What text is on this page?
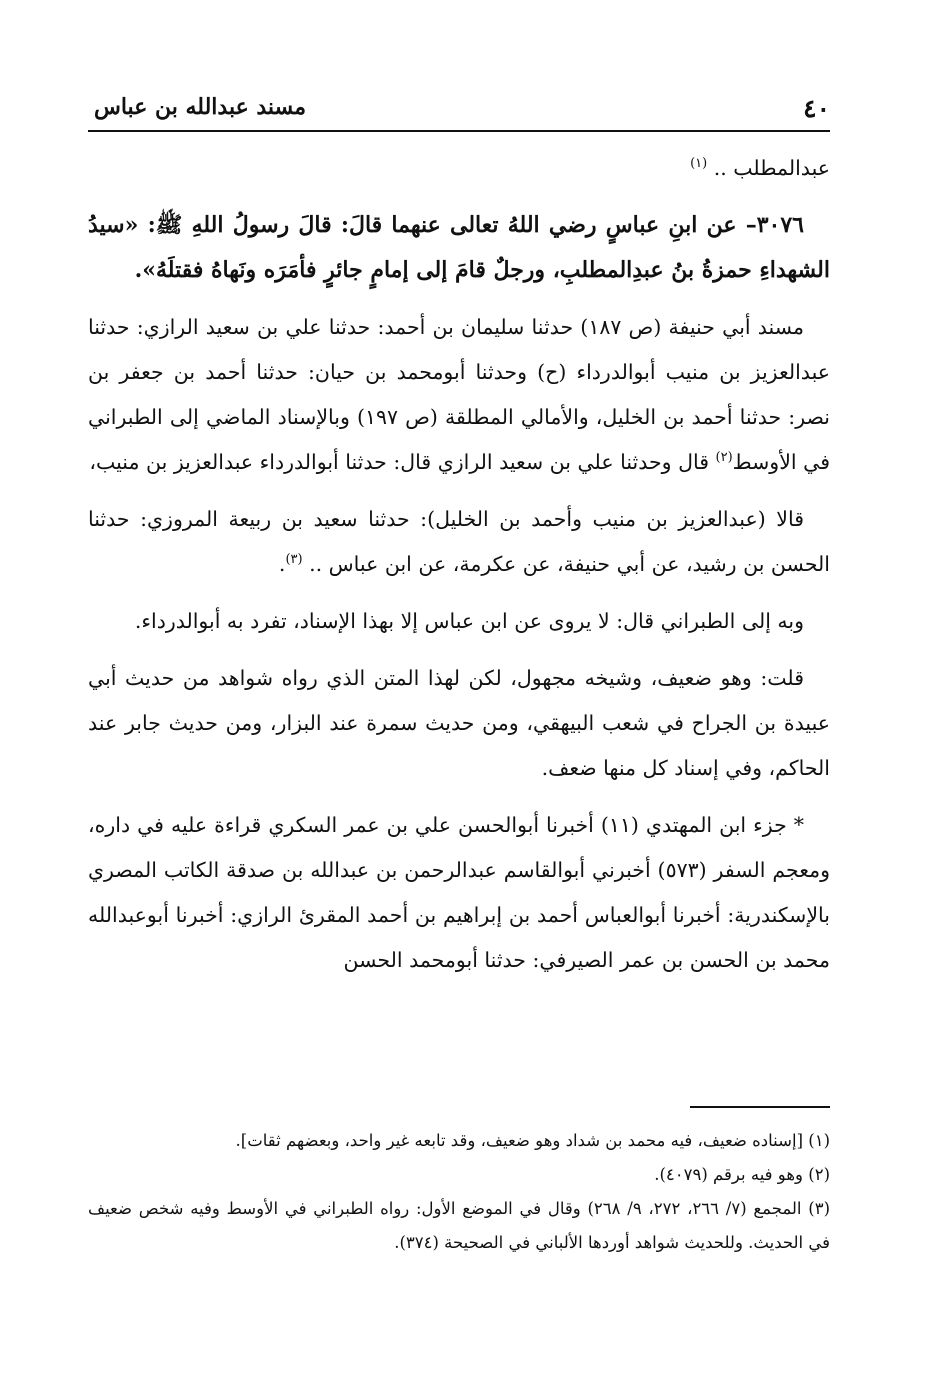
٤٠
مسند عبدالله بن عباس

عبدالمطلب .. $^{(١)}$

٣٠٧٦– عن ابنِ عباسٍ رضي اللهُ تعالى عنهما قالَ: قالَ رسولُ اللهِ ﷺ: «سيدُ الشهداءِ حمزةُ بنُ عبدِالمطلبِ، ورجلٌ قامَ إلى إمامٍ جائرٍ فأمَرَه ونَهاهُ فقتلَهُ».

مسند أبي حنيفة (ص ١٨٧) حدثنا سليمان بن أحمد: حدثنا علي بن سعيد الرازي: حدثنا عبدالعزيز بن منيب أبوالدرداء (ح) وحدثنا أبومحمد بن حيان: حدثنا أحمد بن جعفر بن نصر: حدثنا أحمد بن الخليل، والأمالي المطلقة (ص ١٩٧) وبالإسناد الماضي إلى الطبراني في الأوسط$^{(٢)}$ قال وحدثنا علي بن سعيد الرازي قال: حدثنا أبوالدرداء عبدالعزيز بن منيب،

قالا (عبدالعزيز بن منيب وأحمد بن الخليل): حدثنا سعيد بن ربيعة المروزي: حدثنا الحسن بن رشيد، عن أبي حنيفة، عن عكرمة، عن ابن عباس .. $^{(٣)}$.

وبه إلى الطبراني قال: لا يروى عن ابن عباس إلا بهذا الإسناد، تفرد به أبوالدرداء.

قلت: وهو ضعيف، وشيخه مجهول، لكن لهذا المتن الذي رواه شواهد من حديث أبي عبيدة بن الجراح في شعب البيهقي، ومن حديث سمرة عند البزار، ومن حديث جابر عند الحاكم، وفي إسناد كل منها ضعف.

* جزء ابن المهتدي (١١) أخبرنا أبوالحسن علي بن عمر السكري قراءة عليه في داره، ومعجم السفر (٥٧٣) أخبرني أبوالقاسم عبدالرحمن بن عبدالله بن صدقة الكاتب المصري بالإسكندرية: أخبرنا أبوالعباس أحمد بن إبراهيم بن أحمد المقرئ الرازي: أخبرنا أبوعبدالله محمد بن الحسن بن عمر الصيرفي: حدثنا أبومحمد الحسن

(١) [إسناده ضعيف، فيه محمد بن شداد وهو ضعيف، وقد تابعه غير واحد، وبعضهم ثقات].

(٢) وهو فيه برقم (٤٠٧٩).

(٣) المجمع (٧/ ٢٦٦، ٢٧٢، ٩/ ٢٦٨) وقال في الموضع الأول: رواه الطبراني في الأوسط وفيه شخص ضعيف في الحديث. وللحديث شواهد أوردها الألباني في الصحيحة (٣٧٤).
